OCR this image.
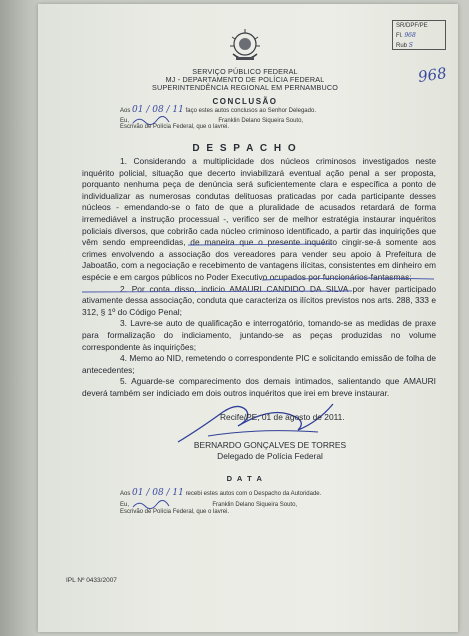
SR/DPF/PE
Fl. 968
Rub S
968
SERVIÇO PÚBLICO FEDERAL
MJ - DEPARTAMENTO DE POLÍCIA FEDERAL
SUPERINTENDÊNCIA REGIONAL EM PERNAMBUCO
CONCLUSÃO
Aos 01 / 08 / 11 faço estes autos conclusos ao Senhor Delegado.
Eu,	Franklin Delano Siqueira Souto,
Escrivão de Polícia Federal, que o lavrei.
D E S P A C H O

1. Considerando a multiplicidade dos núcleos criminosos investigados neste inquérito policial, situação que decerto inviabilizará eventual ação penal a ser proposta, porquanto nenhuma peça de denúncia será suficientemente clara e específica a ponto de individualizar as numerosas condutas delituosas praticadas por cada participante desses núcleos - emendando-se o fato de que a pluralidade de acusados retardará de forma irremediável a instrução processual -, verifico ser de melhor estratégia instaurar inquéritos policiais diversos, que cobrirão cada núcleo criminoso identificado, a partir das inquirições que vêm sendo empreendidas, de maneira que o presente inquérito cingir-se-á somente aos crimes envolvendo a associação dos vereadores para vender seu apoio à Prefeitura de Jaboatão, com a negociação e recebimento de vantagens ilícitas, consistentes em dinheiro em espécie e em cargos públicos no Poder Executivo ocupados por funcionários-fantasmas;

2. Por conta disso, indicio AMAURI CANDIDO DA SILVA por haver participado ativamente dessa associação, conduta que caracteriza os ilícitos previstos nos arts. 288, 333 e 312, § 1º do Código Penal;

3. Lavre-se auto de qualificação e interrogatório, tomando-se as medidas de praxe para formalização do indiciamento, juntando-se as peças produzidas no volume correspondente às inquirições;

4. Memo ao NID, remetendo o correspondente PIC e solicitando emissão de folha de antecedentes;

5. Aguarde-se comparecimento dos demais intimados, salientando que AMAURI deverá também ser indiciado em dois outros inquéritos que irei em breve instaurar.

Recife/PE, 01 de agosto de 2011.
BERNARDO GONÇALVES DE TORRES
Delegado de Polícia Federal
D A T A
Aos 01 / 08 / 11 recebi estes autos com o Despacho da Autoridade.
Eu,	Franklin Delano Siqueira Souto,
Escrivão de Polícia Federal, que o lavrei.
IPL Nº 0433/2007
